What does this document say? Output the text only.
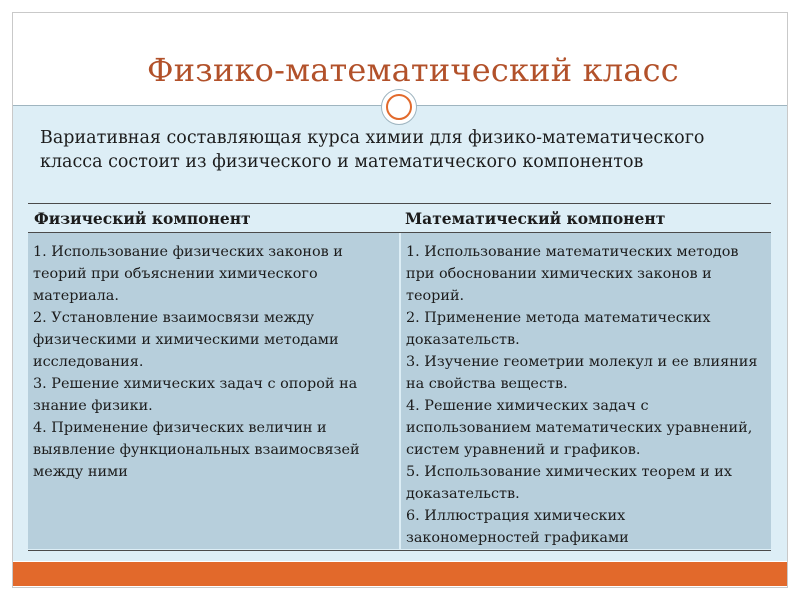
Физико-математический класс
Вариативная составляющая курса химии для физико-математического класса состоит из физического и математического компонентов
Физический компонент	Математический компонент
1. Использование физических законов и теорий при объяснении химического материала.
2. Установление взаимосвязи между физическими и химическими методами исследования.
3. Решение химических задач с опорой на знание физики.
4. Применение физических величин и выявление функциональных взаимосвязей между ними
1. Использование математических методов при обосновании химических законов и теорий.
2. Применение метода математических доказательств.
3. Изучение геометрии молекул и ее влияния на свойства веществ.
4. Решение химических задач с использованием математических уравнений, систем уравнений и графиков.
5. Использование химических теорем и их доказательств.
6. Иллюстрация химических закономерностей графиками
